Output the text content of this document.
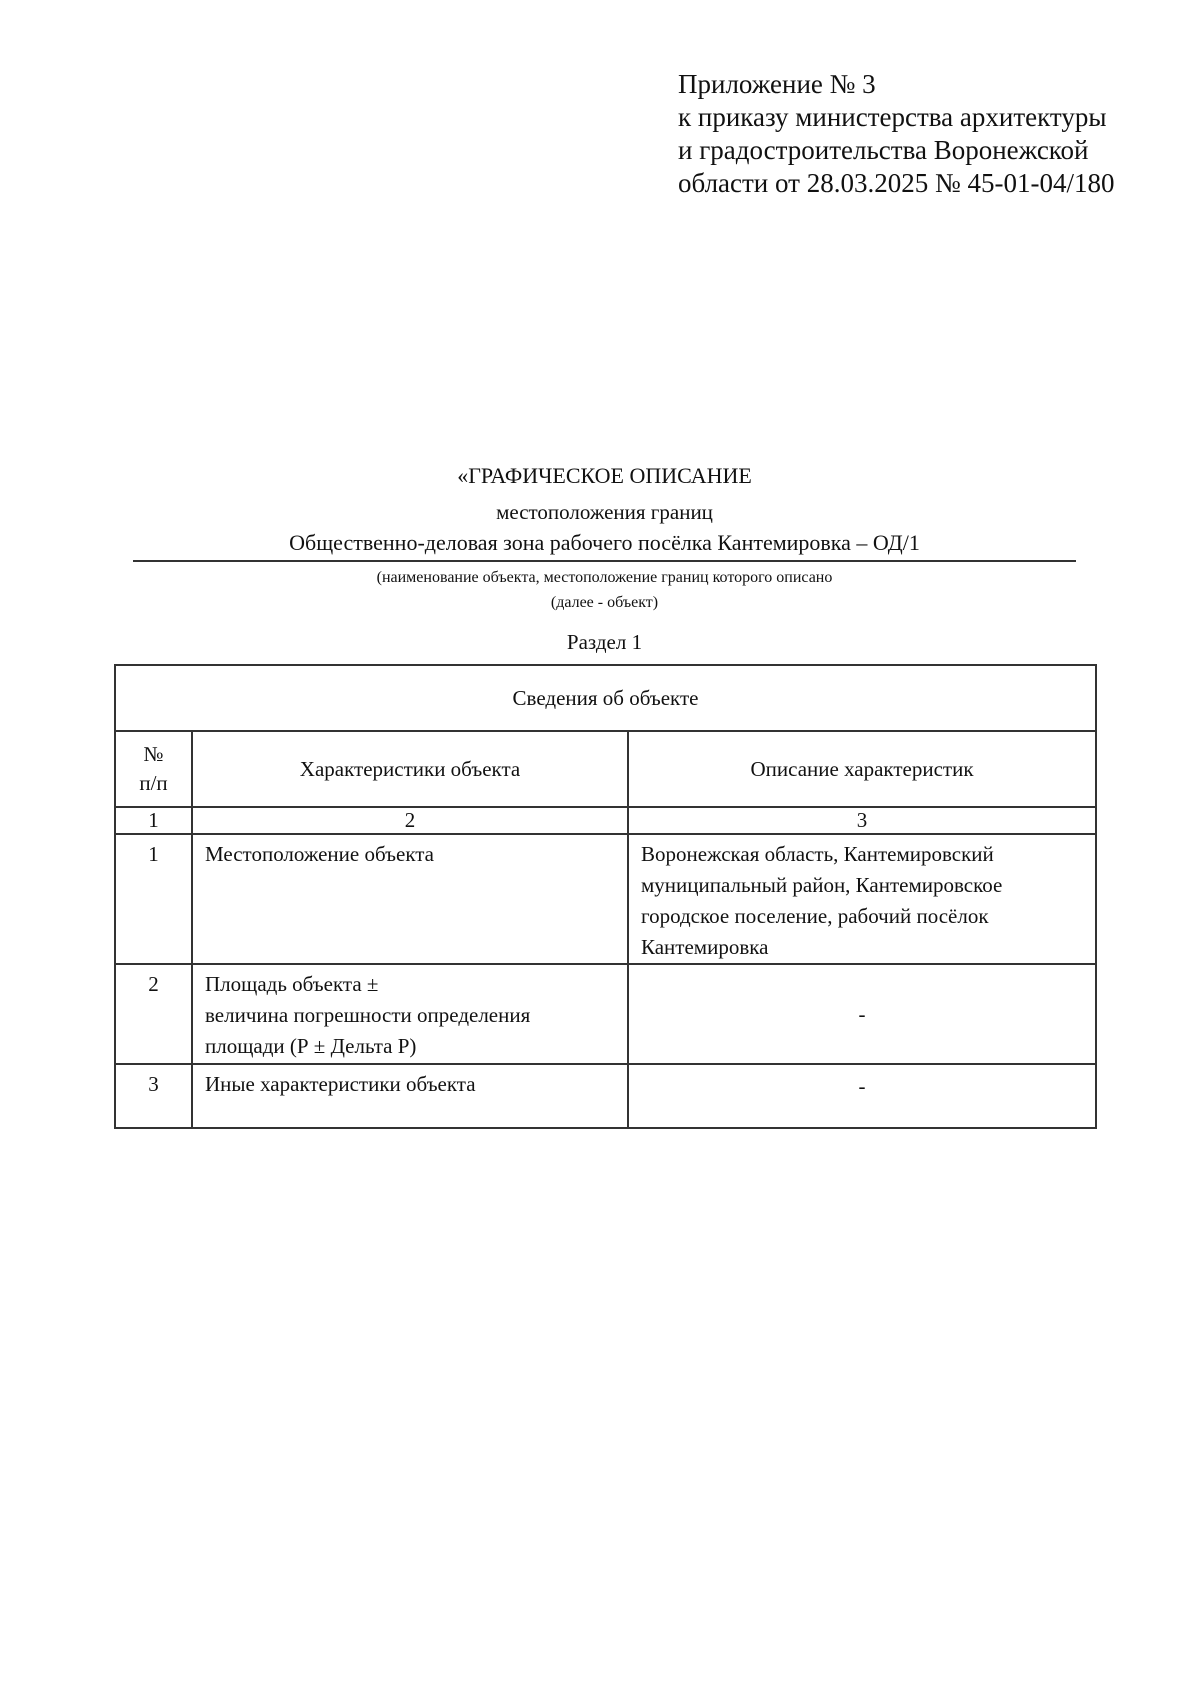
Приложение № 3
к приказу министерства архитектуры
и градостроительства Воронежской
области от 28.03.2025 № 45-01-04/180
«ГРАФИЧЕСКОЕ ОПИСАНИЕ
местоположения границ
Общественно-деловая зона рабочего посёлка Кантемировка – ОД/1
(наименование объекта, местоположение границ которого описано
(далее - объект)
Раздел 1
Сведения об объекте		

№
п/п	Характеристики объекта	Описание характеристик
1	2	3
1	Местоположение объекта	Воронежская область, Кантемировский муниципальный район, Кантемировское городское поселение, рабочий посёлок Кантемировка
2	Площадь объекта ±
величина погрешности определения
площади (Р ± Дельта Р)	-
3	Иные характеристики объекта	-
